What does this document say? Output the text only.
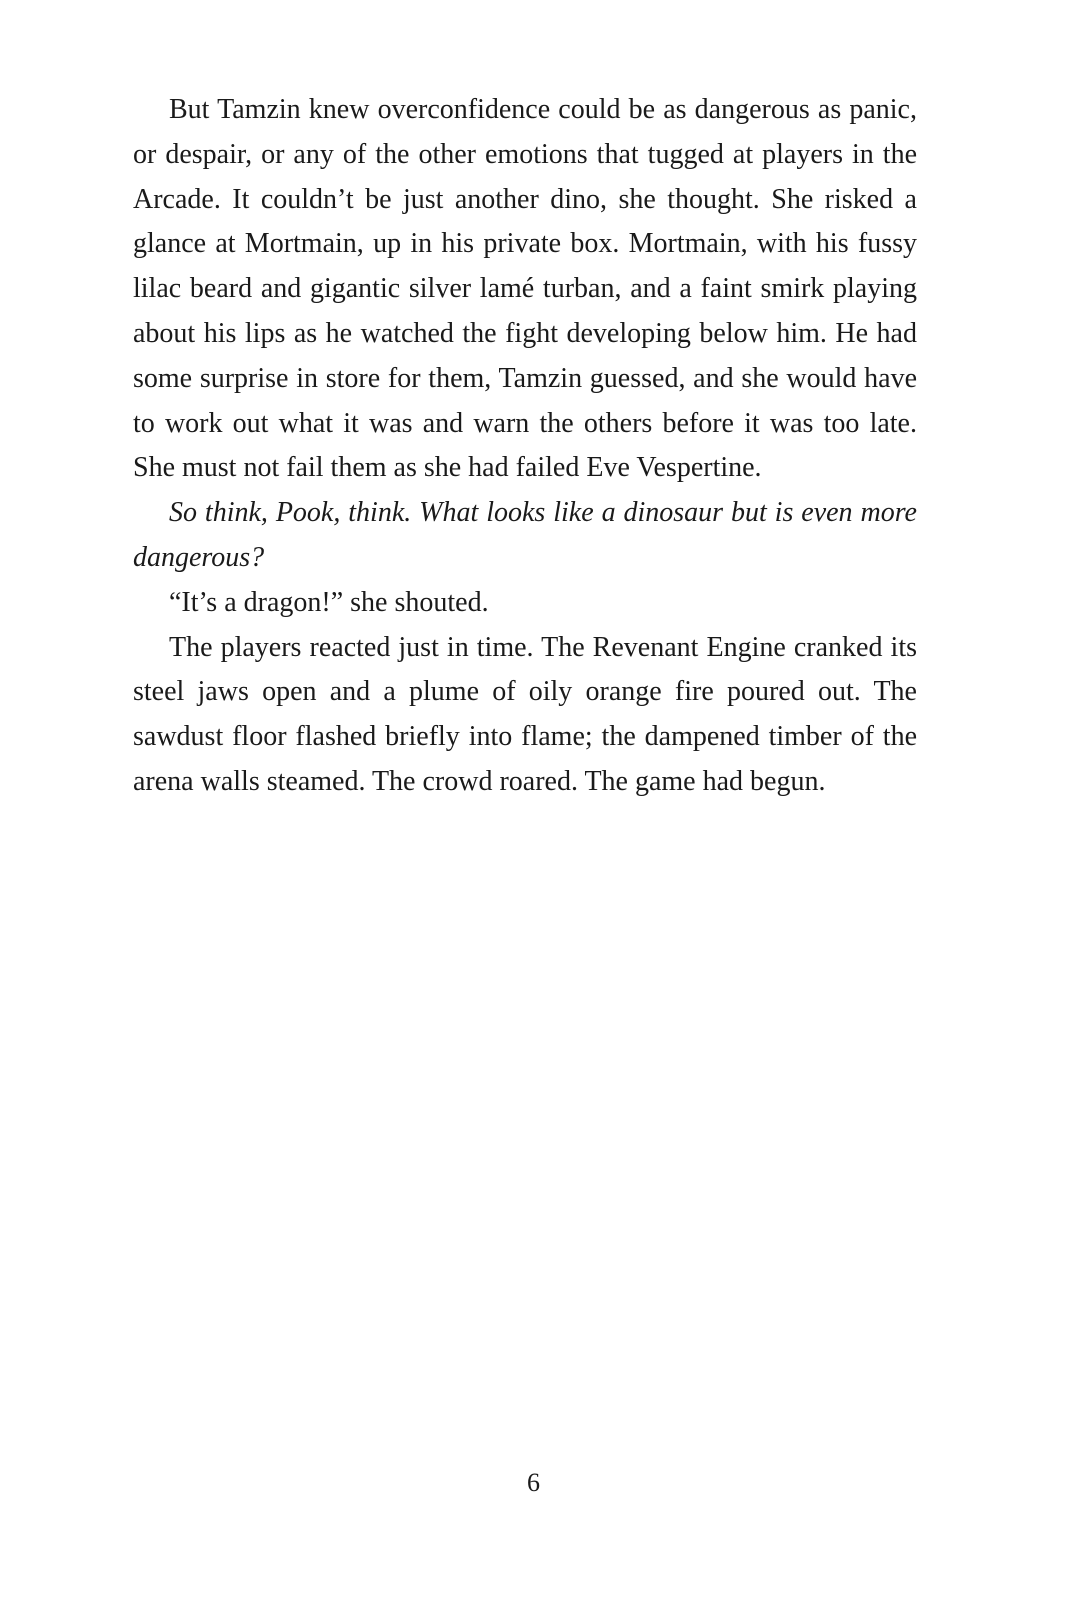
But Tamzin knew overconfidence could be as dangerous as panic, or despair, or any of the other emotions that tugged at players in the Arcade. It couldn’t be just another dino, she thought. She risked a glance at Mortmain, up in his private box. Mortmain, with his fussy lilac beard and gigantic silver lamé turban, and a faint smirk playing about his lips as he watched the fight developing below him. He had some surprise in store for them, Tamzin guessed, and she would have to work out what it was and warn the others before it was too late. She must not fail them as she had failed Eve Vespertine.

So think, Pook, think. What looks like a dinosaur but is even more dangerous?

“It’s a dragon!” she shouted.

The players reacted just in time. The Revenant Engine cranked its steel jaws open and a plume of oily orange fire poured out. The sawdust floor flashed briefly into flame; the dampened timber of the arena walls steamed. The crowd roared. The game had begun.

6
